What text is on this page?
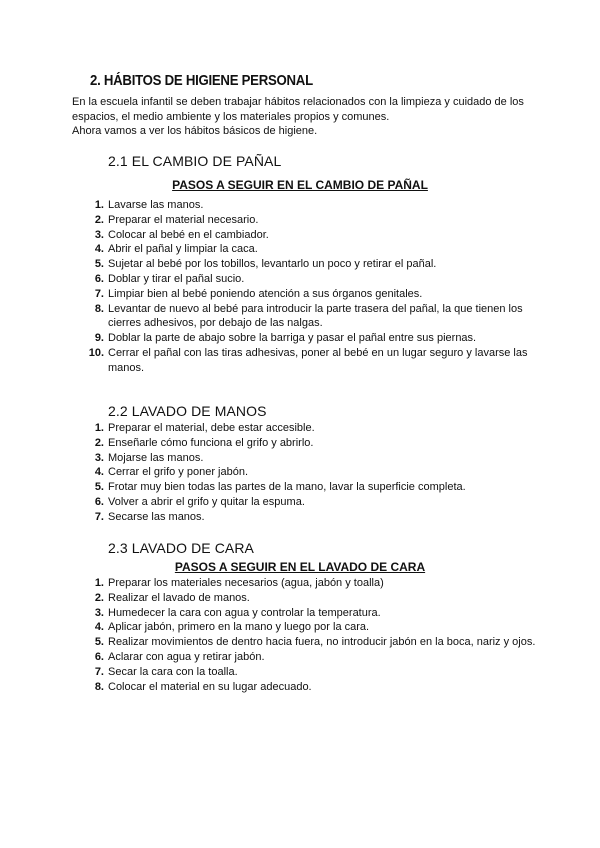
2. HÁBITOS DE HIGIENE PERSONAL

En la escuela infantil se deben trabajar hábitos relacionados con la limpieza y cuidado de los espacios, el medio ambiente y los materiales propios y comunes.

Ahora vamos a ver los hábitos básicos de higiene.

2.1 EL CAMBIO DE PAÑAL
PASOS A SEGUIR EN EL CAMBIO DE PAÑAL
1. Lavarse las manos.
2. Preparar el material necesario.
3. Colocar al bebé en el cambiador.
4. Abrir el pañal y limpiar la caca.
5. Sujetar al bebé por los tobillos, levantarlo un poco y retirar el pañal.
6. Doblar y tirar el pañal sucio.
7. Limpiar bien al bebé poniendo atención a sus órganos genitales.
8. Levantar de nuevo al bebé para introducir la parte trasera del pañal, la que tienen los cierres adhesivos, por debajo de las nalgas.
9. Doblar la parte de abajo sobre la barriga y pasar el pañal entre sus piernas.
10. Cerrar el pañal con las tiras adhesivas, poner al bebé en un lugar seguro y lavarse las manos.
2.2 LAVADO DE MANOS
1. Preparar el material, debe estar accesible.
2. Enseñarle cómo funciona el grifo y abrirlo.
3. Mojarse las manos.
4. Cerrar el grifo y poner jabón.
5. Frotar muy bien todas las partes de la mano, lavar la superficie completa.
6. Volver a abrir el grifo y quitar la espuma.
7. Secarse las manos.
2.3 LAVADO DE CARA
PASOS A SEGUIR EN EL LAVADO DE CARA
1. Preparar los materiales necesarios (agua, jabón y toalla)
2. Realizar el lavado de manos.
3. Humedecer la cara con agua y controlar la temperatura.
4. Aplicar jabón, primero en la mano y luego por la cara.
5. Realizar movimientos de dentro hacia fuera, no introducir jabón en la boca, nariz y ojos.
6. Aclarar con agua y retirar jabón.
7. Secar la cara con la toalla.
8. Colocar el material en su lugar adecuado.
